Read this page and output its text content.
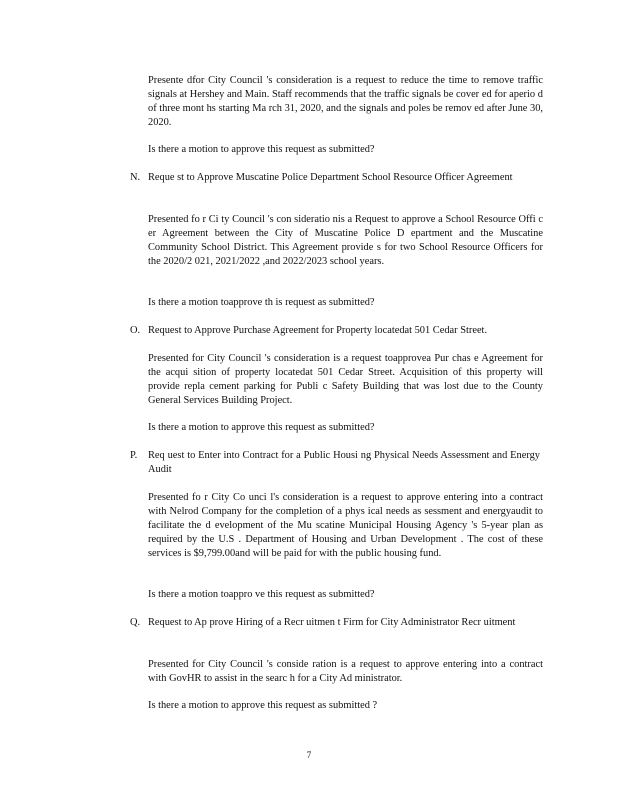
Presente dfor City Council 's consideration is a request to reduce the time to remove traffic signals at Hershey and Main. Staff recommends that the traffic signals be cover ed for aperio d of three mont hs starting Ma rch 31, 2020, and the signals and poles be remov ed after June 30, 2020.

Is there a motion to approve this request as submitted?

N. Reque st to Approve Muscatine Police Department School Resource Officer Agreement

Presented fo r Ci ty Council 's con sideratio nis a Request to approve a School Resource Offi c er Agreement between the City of Muscatine Police D epartment and the Muscatine Community School District. This Agreement provide s for two School Resource Officers for the 2020/2 021, 2021/2022 ,and 2022/2023 school years.

Is there a motion toapprove th is request as submitted?

O. Request to Approve Purchase Agreement for Property locatedat 501 Cedar Street.

Presented for City Council 's consideration is a request toapprovea Pur chas e Agreement for the acqui sition of property locatedat 501 Cedar Street. Acquisition of this property will provide repla cement parking for Publi c Safety Building that was lost due to the County General Services Building Project.

Is there a motion to approve this request as submitted?

P.	Req uest to Enter into Contract for a Public Housi ng Physical Needs Assessment and Energy Audit

Presented fo r City Co unci l's consideration is a request to approve entering into a contract with Nelrod Company for the completion of a phys ical needs as sessment and energyaudit to facilitate the d evelopment of the Mu scatine Municipal Housing Agency 's 5-year plan as required by the U.S . Department of Housing and Urban Development . The cost of these services is $9,799.00and will be paid for with the public housing fund.

Is there a motion toappro ve this request as submitted?

Q. Request to Ap prove Hiring of a Recr uitmen t Firm for City Administrator Recr uitment

Presented for City Council 's conside ration is a request to approve entering into a contract with GovHR to assist in the searc h for a City Ad ministrator.

Is there a motion to approve this request as submitted ?

7
